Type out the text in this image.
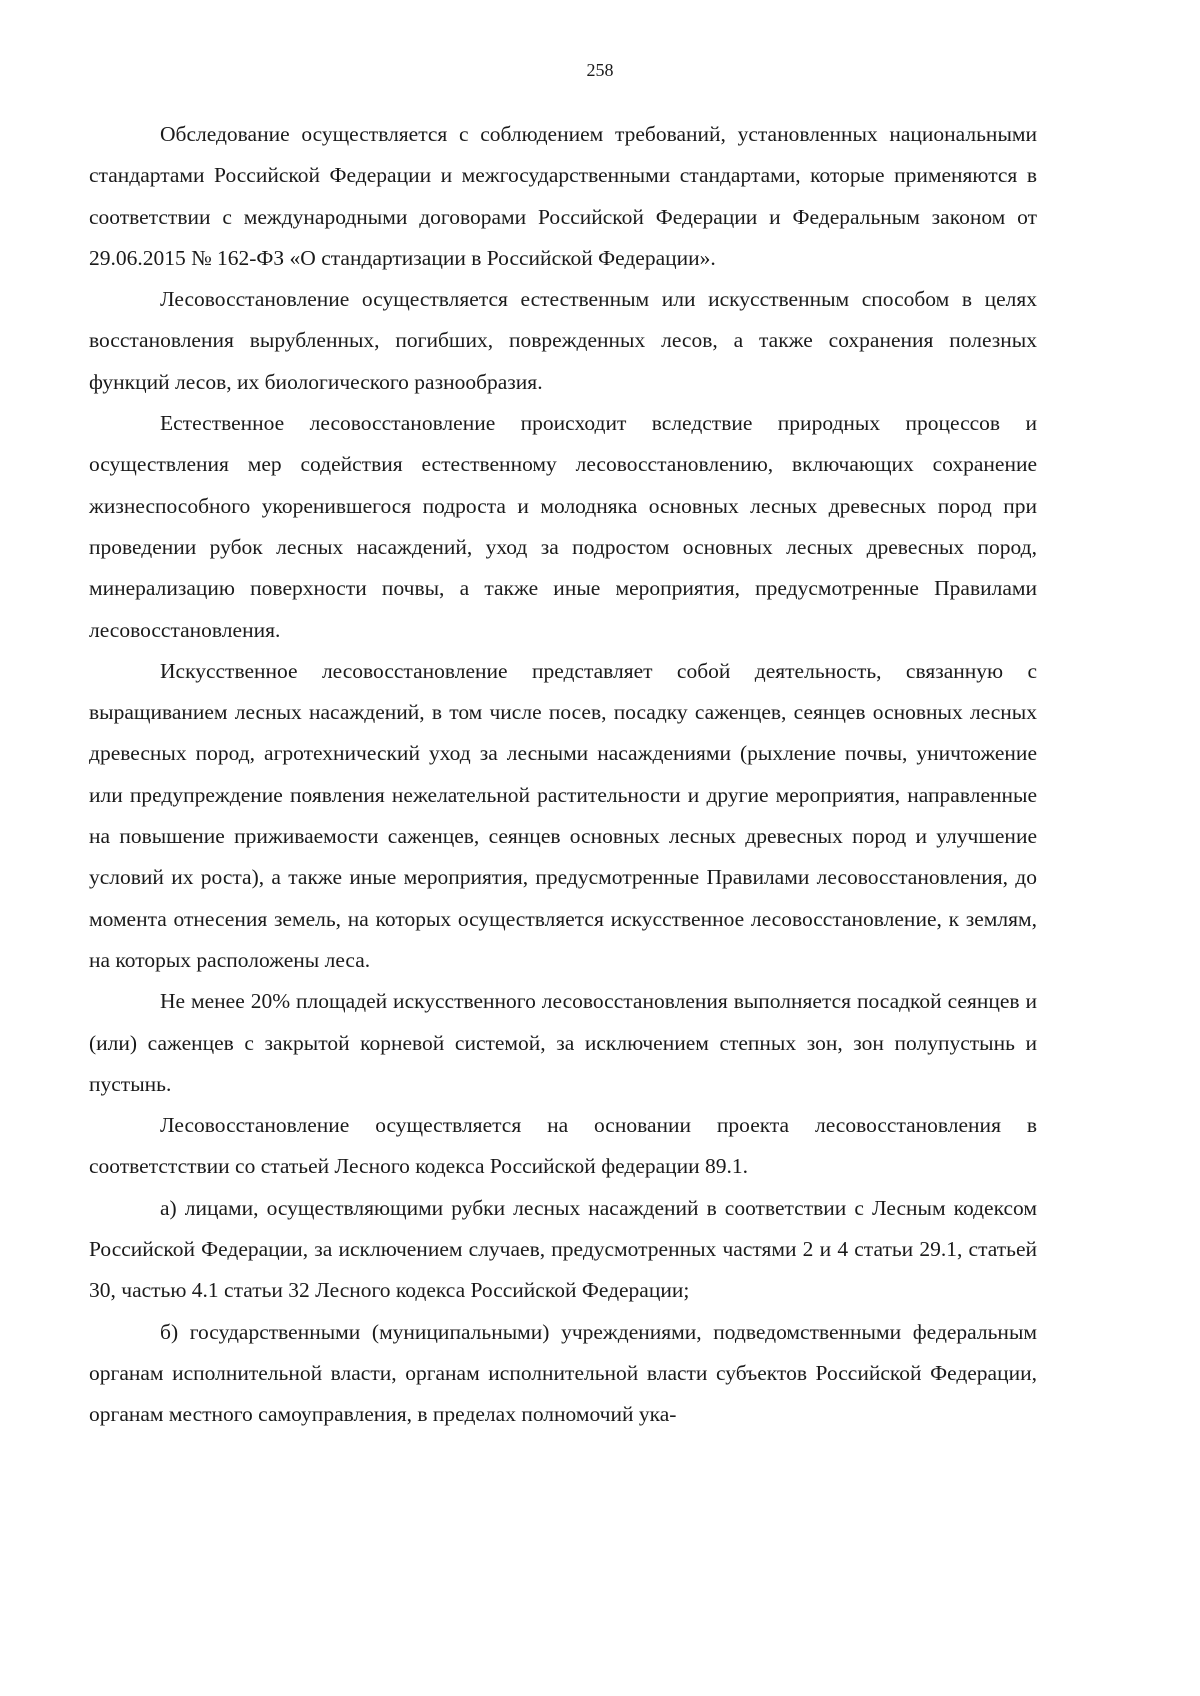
258

Обследование осуществляется с соблюдением требований, установленных национальными стандартами Российской Федерации и межгосударственными стандартами, которые применяются в соответствии с международными договорами Российской Федерации и Федеральным законом от 29.06.2015 № 162-ФЗ «О стандартизации в Российской Федерации».

Лесовосстановление осуществляется естественным или искусственным способом в целях восстановления вырубленных, погибших, поврежденных лесов, а также сохранения полезных функций лесов, их биологического разнообразия.

Естественное лесовосстановление происходит вследствие природных процессов и осуществления мер содействия естественному лесовосстановлению, включающих сохранение жизнеспособного укоренившегося подроста и молодняка основных лесных древесных пород при проведении рубок лесных насаждений, уход за подростом основных лесных древесных пород, минерализацию поверхности почвы, а также иные мероприятия, предусмотренные Правилами лесовосстановления.

Искусственное лесовосстановление представляет собой деятельность, связанную с выращиванием лесных насаждений, в том числе посев, посадку саженцев, сеянцев основных лесных древесных пород, агротехнический уход за лесными насаждениями (рыхление почвы, уничтожение или предупреждение появления нежелательной растительности и другие мероприятия, направленные на повышение приживаемости саженцев, сеянцев основных лесных древесных пород и улучшение условий их роста), а также иные мероприятия, предусмотренные Правилами лесовосстановления, до момента отнесения земель, на которых осуществляется искусственное лесовосстановление, к землям, на которых расположены леса.

Не менее 20% площадей искусственного лесовосстановления выполняется посадкой сеянцев и (или) саженцев с закрытой корневой системой, за исключением степных зон, зон полупустынь и пустынь.

Лесовосстановление осуществляется на основании проекта лесовосстановления в соответстствии со статьей Лесного кодекса Российской федерации 89.1.

а) лицами, осуществляющими рубки лесных насаждений в соответствии с Лесным кодексом Российской Федерации, за исключением случаев, предусмотренных частями 2 и 4 статьи 29.1, статьей 30, частью 4.1 статьи 32 Лесного кодекса Российской Федерации;

б) государственными (муниципальными) учреждениями, подведомственными федеральным органам исполнительной власти, органам исполнительной власти субъектов Российской Федерации, органам местного самоуправления, в пределах полномочий ука-
